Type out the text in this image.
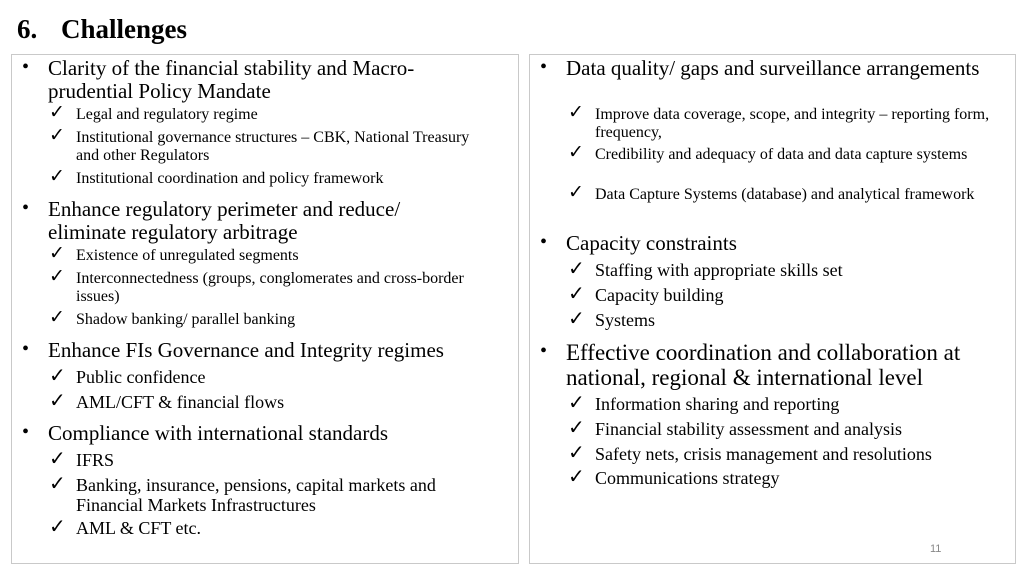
6. Challenges
• Clarity of the financial stability and Macro-prudential Policy Mandate
✓ Legal and regulatory regime
✓ Institutional governance structures – CBK, National Treasury and other Regulators
✓ Institutional coordination and policy framework
• Enhance regulatory perimeter and reduce/ eliminate regulatory arbitrage
✓ Existence of unregulated segments
✓ Interconnectedness (groups, conglomerates and cross-border issues)
✓ Shadow banking/ parallel banking
• Enhance FIs Governance and Integrity regimes
✓ Public confidence
✓ AML/CFT & financial flows
• Compliance with international standards
✓ IFRS
✓ Banking, insurance, pensions, capital markets and Financial Markets Infrastructures
✓ AML & CFT etc.
• Data quality/ gaps and surveillance arrangements
✓ Improve data coverage, scope, and integrity – reporting form, frequency,
✓ Credibility and adequacy of data and data capture systems
✓ Data Capture Systems (database) and analytical framework
• Capacity constraints
✓ Staffing with appropriate skills set
✓ Capacity building
✓ Systems
• Effective coordination and collaboration at national, regional & international level
✓ Information sharing and reporting
✓ Financial stability assessment and analysis
✓ Safety nets, crisis management and resolutions
✓ Communications strategy
11
